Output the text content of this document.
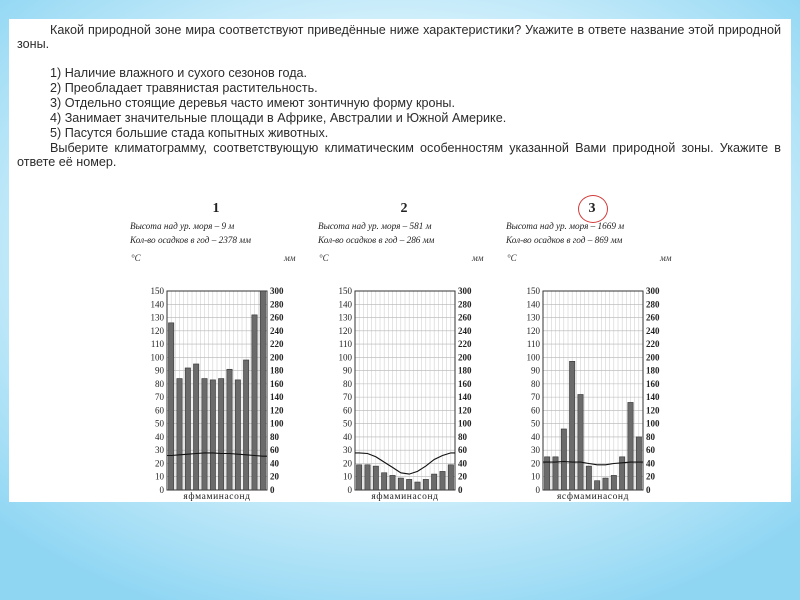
Какой природной зоне мира соответствуют приведённые ниже характеристики? Укажите в ответе название этой природной зоны.

1) Наличие влажного и сухого сезонов года.
2) Преобладает травянистая растительность.
3) Отдельно стоящие деревья часто имеют зонтичную форму кроны.
4) Занимает значительные площади в Африке, Австралии и Южной Америке.
5) Пасутся большие стада копытных животных.

Выберите климатограмму, соответствующую климатическим особенностям указанной Вами природной зоны. Укажите в ответе её номер.

1
Высота над ур. моря – 9 м
Кол-во осадков в год – 2378 мм
°С	мм
0
10
20
30
40
50
60
70
80
90
100
110
120
130
140
150
0
20
40
60
80
100
120
140
160
180
200
220
240
260
280
300
яфмаминасонд
2
Высота над ур. моря – 581 м
Кол-во осадков в год – 286 мм
°С	мм
0
10
20
30
40
50
60
70
80
90
100
110
120
130
140
150
0
20
40
60
80
100
120
140
160
180
200
220
240
260
280
300
яфмаминасонд
3
Высота над ур. моря – 1669 м
Кол-во осадков в год – 869 мм
°С	мм
0
10
20
30
40
50
60
70
80
90
100
110
120
130
140
150
0
20
40
60
80
100
120
140
160
180
200
220
240
260
280
300
ясфмаминасонд
